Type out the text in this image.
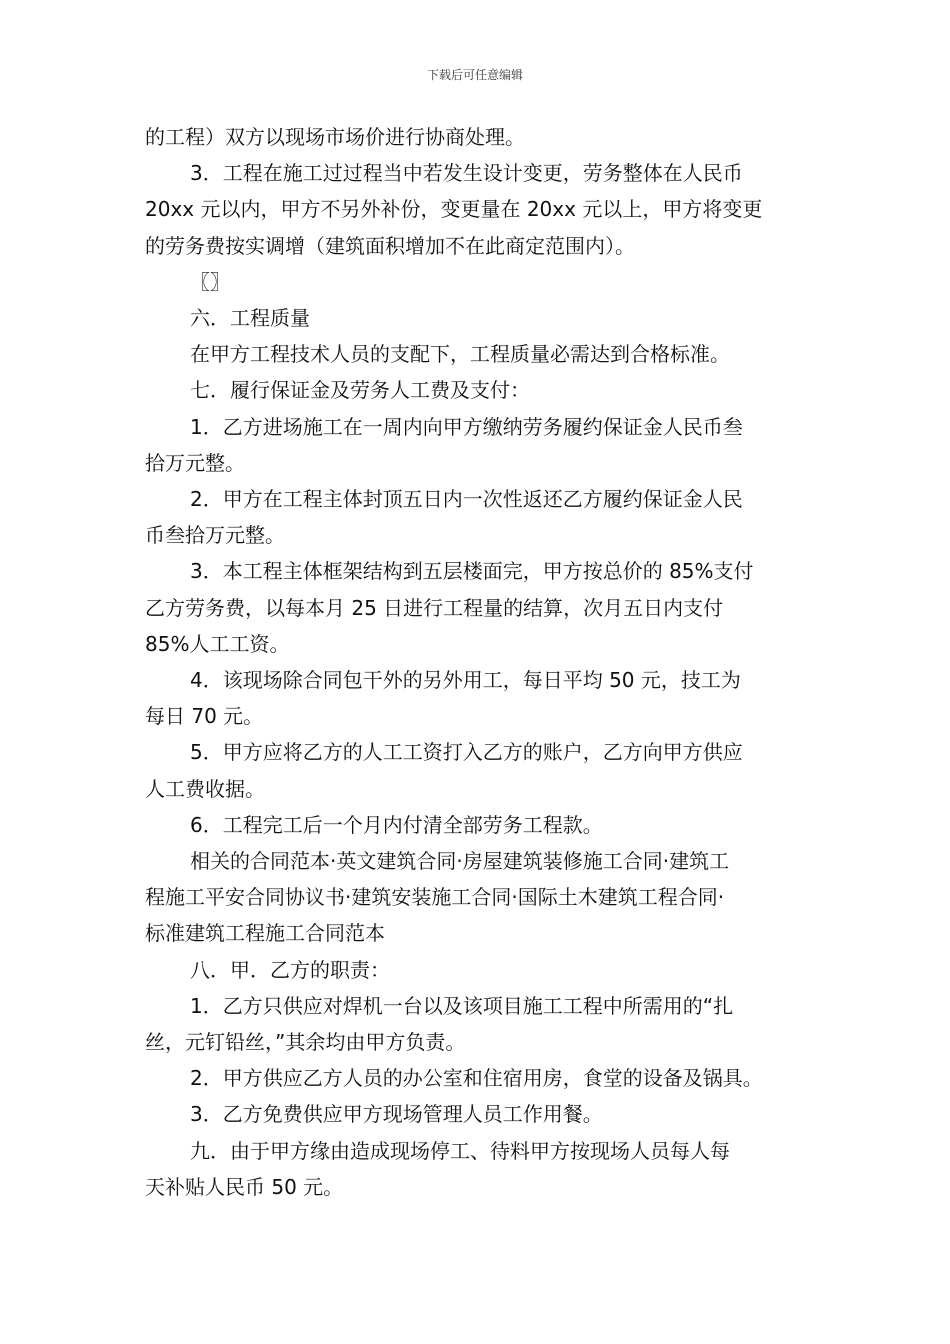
下载后可任意编辑

的工程）双方以现场市场价进行协商处理。

3．工程在施工过过程当中若发生设计变更，劳务整体在人民币

20xx 元以内，甲方不另外补份，变更量在 20xx 元以上，甲方将变更

的劳务费按实调增（建筑面积增加不在此商定范围内）。

〖〗

六．工程质量

在甲方工程技术人员的支配下，工程质量必需达到合格标准。

七．履行保证金及劳务人工费及支付：

1．乙方进场施工在一周内向甲方缴纳劳务履约保证金人民币叁

拾万元整。

2．甲方在工程主体封顶五日内一次性返还乙方履约保证金人民

币叁拾万元整。

3．本工程主体框架结构到五层楼面完，甲方按总价的 85%支付

乙方劳务费，以每本月 25 日进行工程量的结算，次月五日内支付

85%人工工资。

4．该现场除合同包干外的另外用工，每日平均 50 元，技工为

每日 70 元。

5．甲方应将乙方的人工工资打入乙方的账户，乙方向甲方供应

人工费收据。

6．工程完工后一个月内付清全部劳务工程款。

相关的合同范本·英文建筑合同·房屋建筑装修施工合同·建筑工

程施工平安合同协议书·建筑安装施工合同·国际土木建筑工程合同·

标准建筑工程施工合同范本

八．甲．乙方的职责：

1．乙方只供应对焊机一台以及该项目施工工程中所需用的“扎

丝，元钉铅丝，”其余均由甲方负责。

2．甲方供应乙方人员的办公室和住宿用房，食堂的设备及锅具。

3．乙方免费供应甲方现场管理人员工作用餐。

九．由于甲方缘由造成现场停工、待料甲方按现场人员每人每

天补贴人民币 50 元。
